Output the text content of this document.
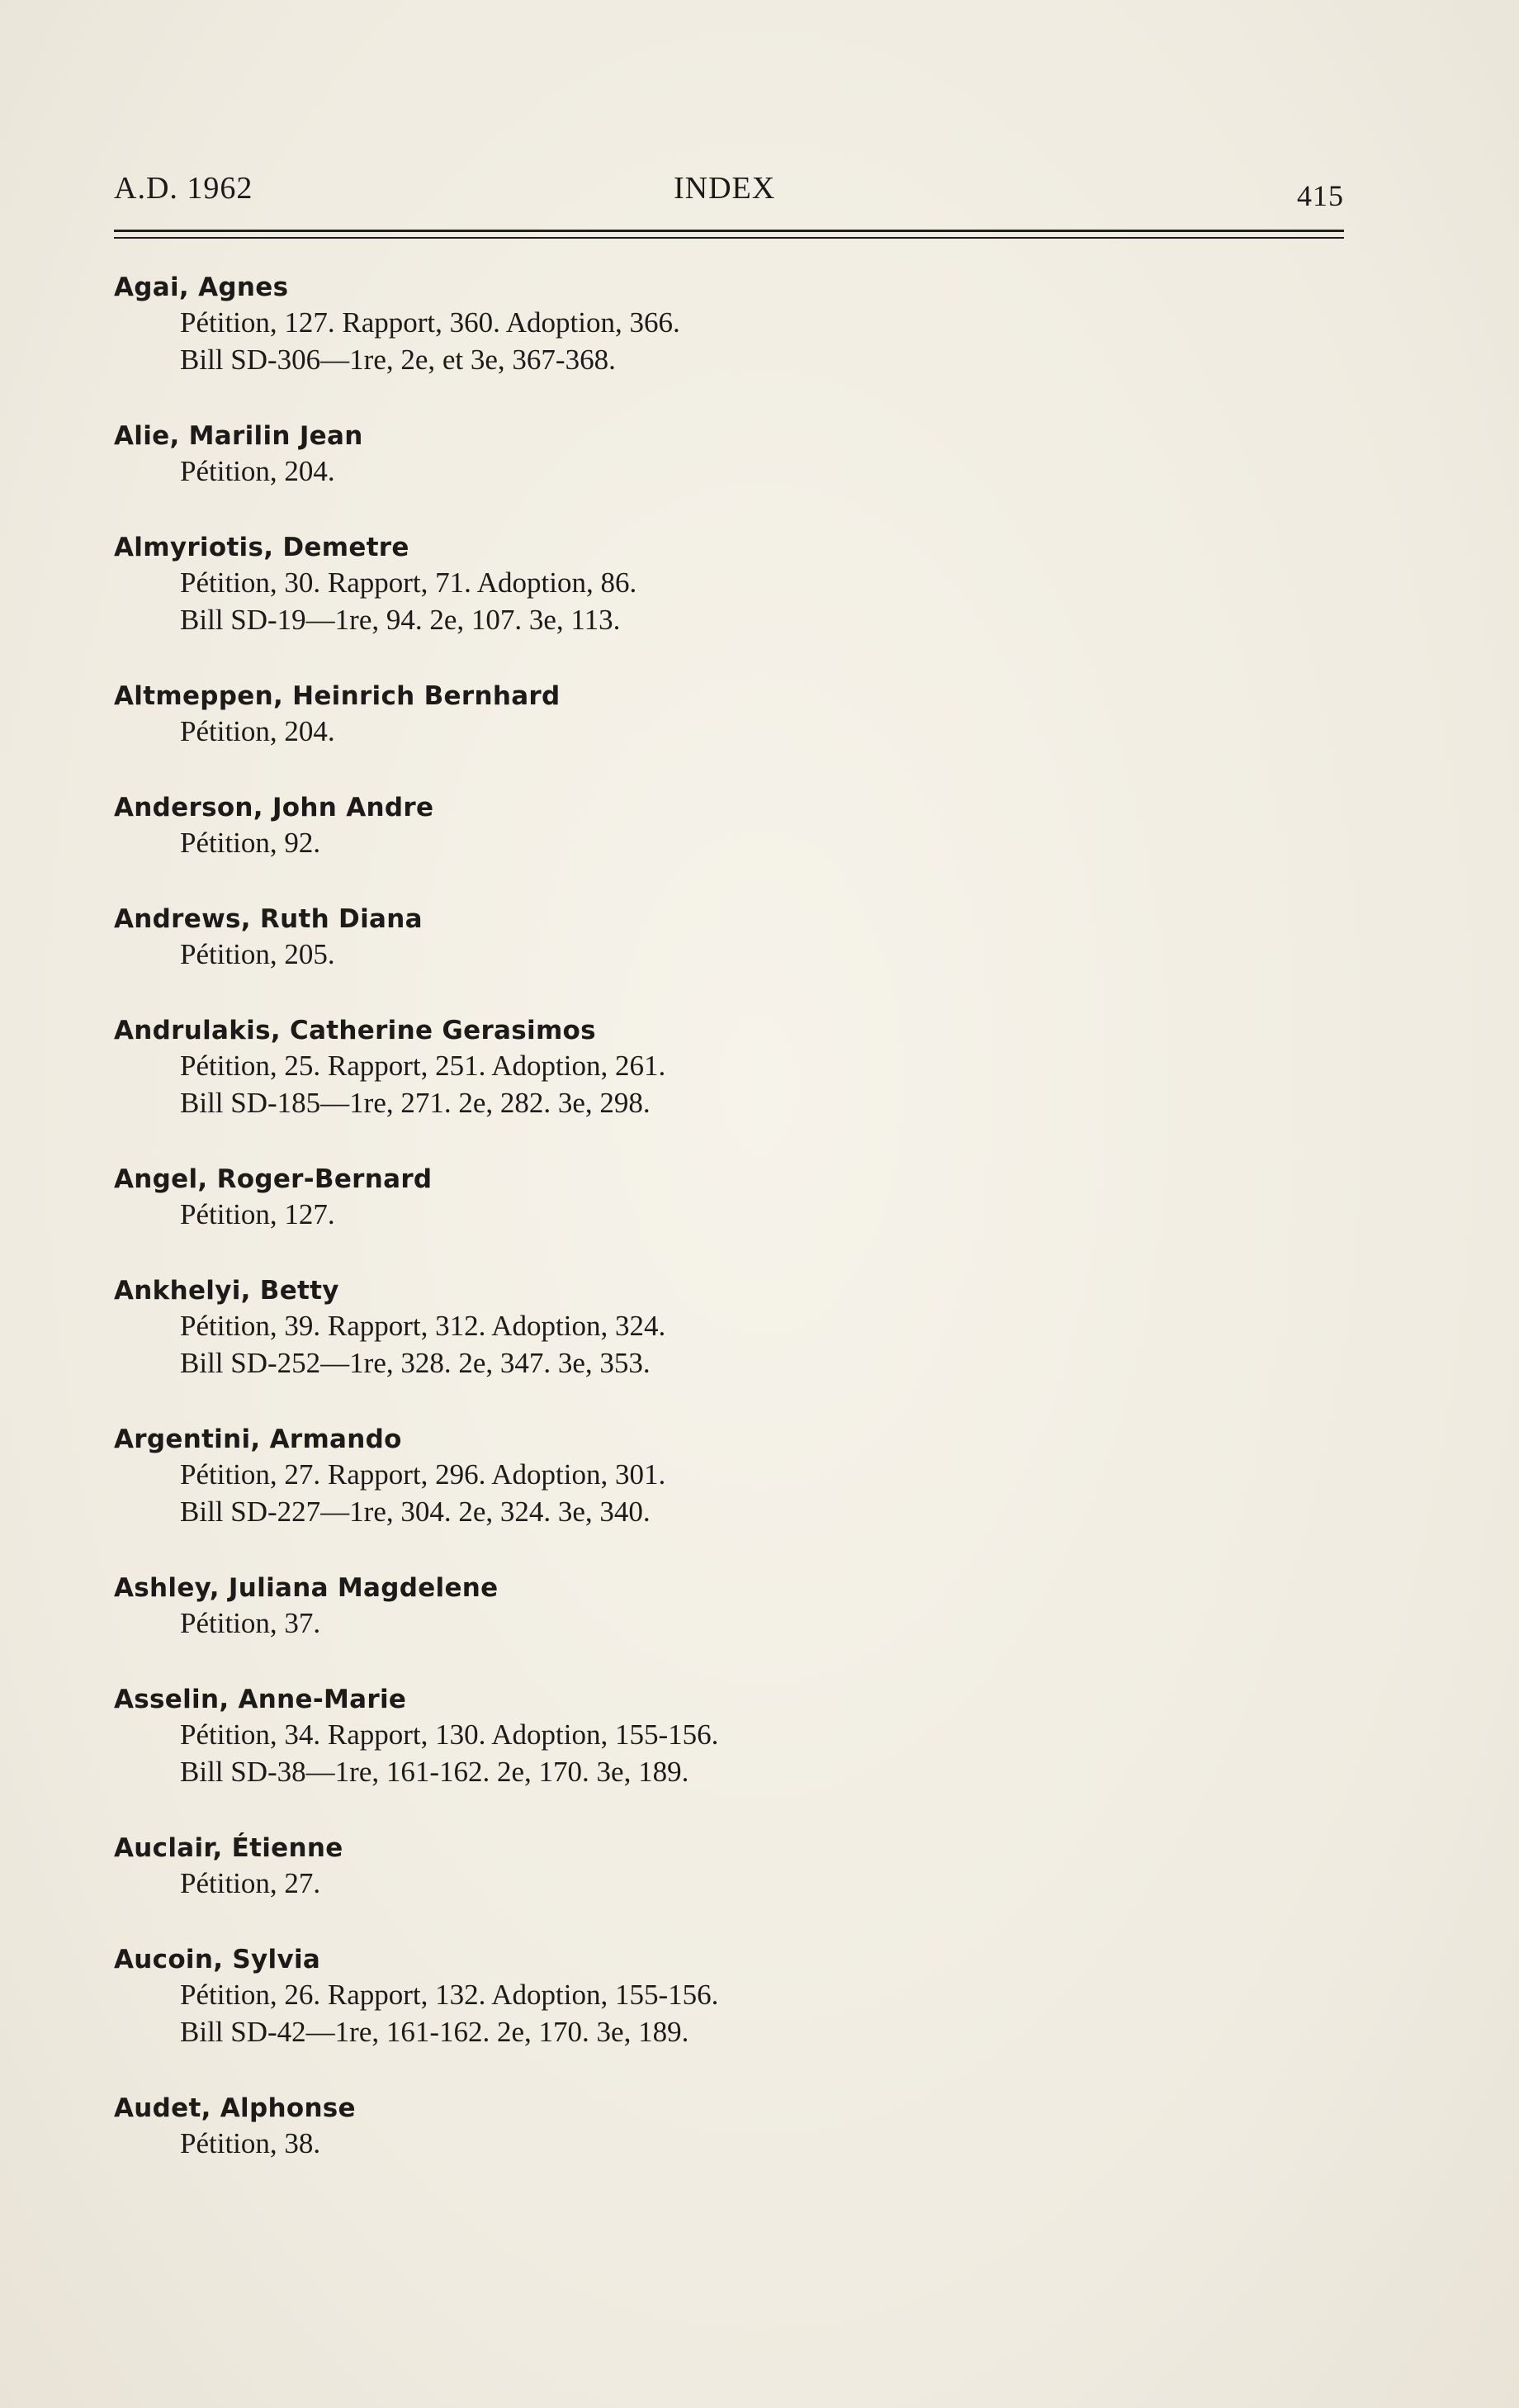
A.D. 1962	INDEX	415

Agai, Agnes

Pétition, 127. Rapport, 360. Adoption, 366.

Bill SD-306—1re, 2e, et 3e, 367-368.

Alie, Marilin Jean

Pétition, 204.

Almyriotis, Demetre

Pétition, 30. Rapport, 71. Adoption, 86.

Bill SD-19—1re, 94. 2e, 107. 3e, 113.

Altmeppen, Heinrich Bernhard

Pétition, 204.

Anderson, John Andre

Pétition, 92.

Andrews, Ruth Diana

Pétition, 205.

Andrulakis, Catherine Gerasimos

Pétition, 25. Rapport, 251. Adoption, 261.

Bill SD-185—1re, 271. 2e, 282. 3e, 298.

Angel, Roger-Bernard

Pétition, 127.

Ankhelyi, Betty

Pétition, 39. Rapport, 312. Adoption, 324.

Bill SD-252—1re, 328. 2e, 347. 3e, 353.

Argentini, Armando

Pétition, 27. Rapport, 296. Adoption, 301.

Bill SD-227—1re, 304. 2e, 324. 3e, 340.

Ashley, Juliana Magdelene

Pétition, 37.

Asselin, Anne-Marie

Pétition, 34. Rapport, 130. Adoption, 155-156.

Bill SD-38—1re, 161-162. 2e, 170. 3e, 189.

Auclair, Étienne

Pétition, 27.

Aucoin, Sylvia

Pétition, 26. Rapport, 132. Adoption, 155-156.

Bill SD-42—1re, 161-162. 2e, 170. 3e, 189.

Audet, Alphonse

Pétition, 38.
